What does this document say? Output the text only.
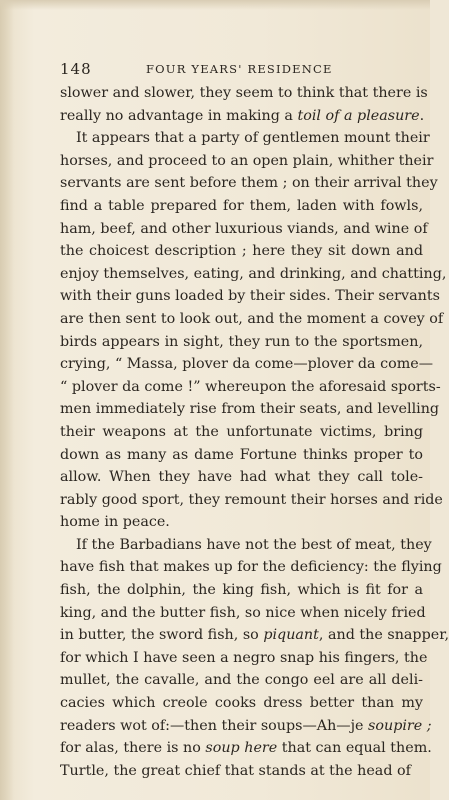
148	FOUR YEARS' RESIDENCE
slower and slower, they seem to think that there is
really no advantage in making a toil of a pleasure.
It appears that a party of gentlemen mount their
horses, and proceed to an open plain, whither their
servants are sent before them ; on their arrival they
find a table prepared for them, laden with fowls,
ham, beef, and other luxurious viands, and wine of
the choicest description ; here they sit down and
enjoy themselves, eating, and drinking, and chatting,
with their guns loaded by their sides. Their servants
are then sent to look out, and the moment a covey of
birds appears in sight, they run to the sportsmen,
crying, “ Massa, plover da come—plover da come—
“ plover da come !” whereupon the aforesaid sports-
men immediately rise from their seats, and levelling
their weapons at the unfortunate victims, bring
down as many as dame Fortune thinks proper to
allow. When they have had what they call tole-
rably good sport, they remount their horses and ride
home in peace.
If the Barbadians have not the best of meat, they
have fish that makes up for the deficiency: the flying
fish, the dolphin, the king fish, which is fit for a
king, and the butter fish, so nice when nicely fried
in butter, the sword fish, so piquant, and the snapper,
for which I have seen a negro snap his fingers, the
mullet, the cavalle, and the congo eel are all deli-
cacies which creole cooks dress better than my
readers wot of:—then their soups—Ah—je soupire ;
for alas, there is no soup here that can equal them.
Turtle, the great chief that stands at the head of
